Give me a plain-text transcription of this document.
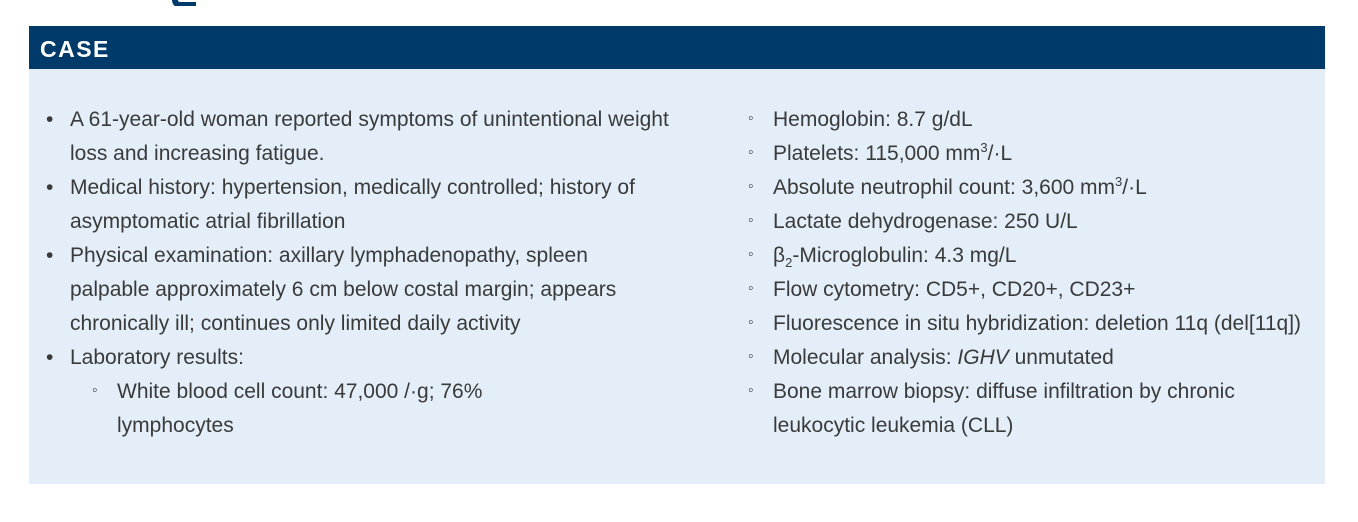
CASE
• A 61-year-old woman reported symptoms of unintentional weight loss and increasing fatigue.
• Medical history: hypertension, medically controlled; history of asymptomatic atrial fibrillation
• Physical examination: axillary lymphadenopathy, spleen palpable approximately 6 cm below costal margin; appears chronically ill; continues only limited daily activity
• Laboratory results:
◦ White blood cell count: 47,000 /·g; 76% lymphocytes
◦ Hemoglobin: 8.7 g/dL
◦ Platelets: 115,000 $mm^3/\cdot L$
◦ Absolute neutrophil count: 3,600 $mm^3/\cdot L$
◦ Lactate dehydrogenase: 250 U/L
◦ $\beta_2$-Microglobulin: 4.3 mg/L
◦ Flow cytometry: CD5+, CD20+, CD23+
◦ Fluorescence in situ hybridization: deletion 11q (del[11q])
◦ Molecular analysis: IGHV unmutated
◦ Bone marrow biopsy: diffuse infiltration by chronic leukocytic leukemia (CLL)
